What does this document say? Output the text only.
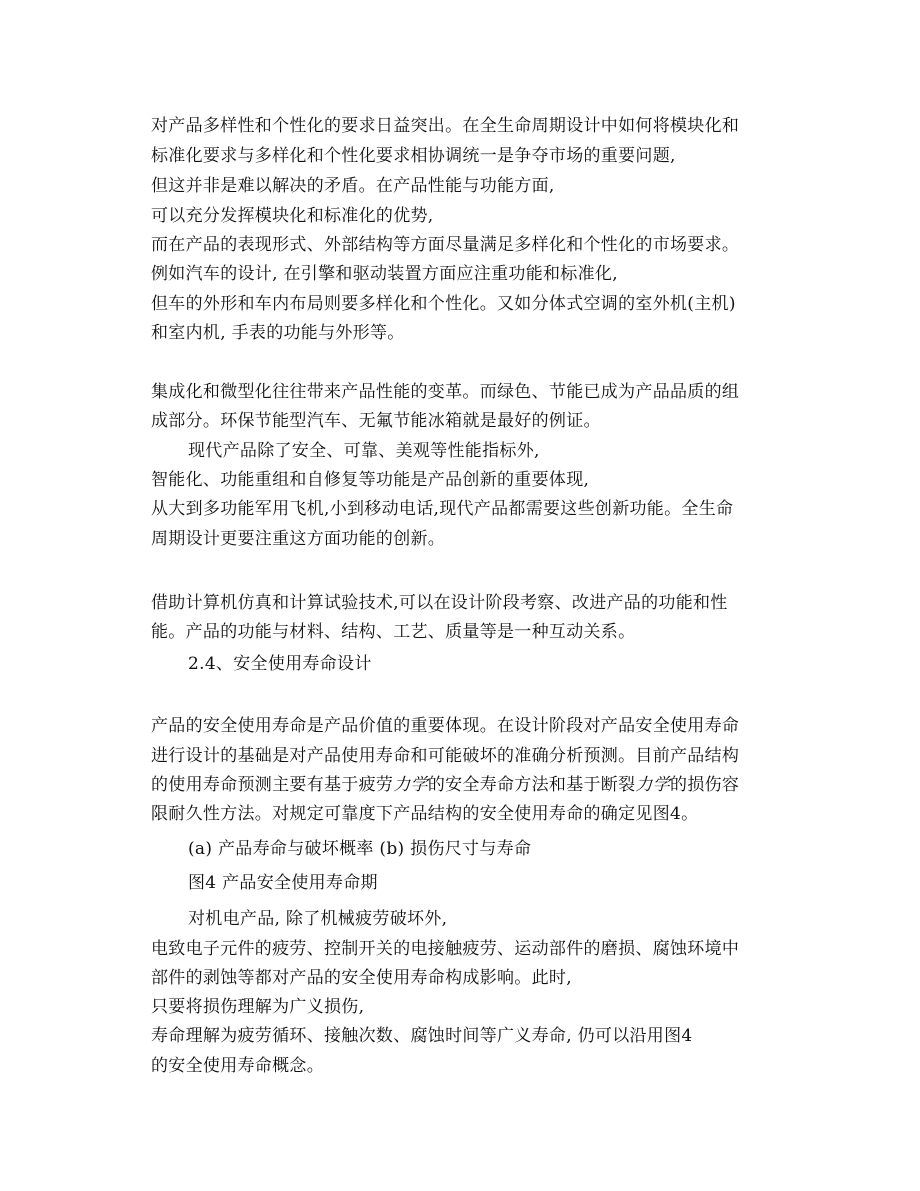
对产品多样性和个性化的要求日益突出。在全生命周期设计中如何将模块化和
标准化要求与多样化和个性化要求相协调统一是争夺市场的重要问题,
但这并非是难以解决的矛盾。在产品性能与功能方面,
可以充分发挥模块化和标准化的优势,
而在产品的表现形式、外部结构等方面尽量满足多样化和个性化的市场要求。
例如汽车的设计, 在引擎和驱动装置方面应注重功能和标准化,
但车的外形和车内布局则要多样化和个性化。又如分体式空调的室外机(主机)
和室内机, 手表的功能与外形等。
集成化和微型化往往带来产品性能的变革。而绿色、节能已成为产品品质的组
成部分。环保节能型汽车、无氟节能冰箱就是最好的例证。
现代产品除了安全、可靠、美观等性能指标外,
智能化、功能重组和自修复等功能是产品创新的重要体现,
从大到多功能军用飞机,小到移动电话,现代产品都需要这些创新功能。全生命
周期设计更要注重这方面功能的创新。
借助计算机仿真和计算试验技术,可以在设计阶段考察、改进产品的功能和性
能。产品的功能与材料、结构、工艺、质量等是一种互动关系。
2.4、安全使用寿命设计
产品的安全使用寿命是产品价值的重要体现。在设计阶段对产品安全使用寿命
进行设计的基础是对产品使用寿命和可能破坏的准确分析预测。目前产品结构
的使用寿命预测主要有基于疲劳力学的安全寿命方法和基于断裂力学的损伤容
限耐久性方法。对规定可靠度下产品结构的安全使用寿命的确定见图4。
(a) 产品寿命与破坏概率 (b) 损伤尺寸与寿命
图4 产品安全使用寿命期
对机电产品, 除了机械疲劳破坏外,
电致电子元件的疲劳、控制开关的电接触疲劳、运动部件的磨损、腐蚀环境中
部件的剥蚀等都对产品的安全使用寿命构成影响。此时,
只要将损伤理解为广义损伤,
寿命理解为疲劳循环、接触次数、腐蚀时间等广义寿命, 仍可以沿用图4
的安全使用寿命概念。
